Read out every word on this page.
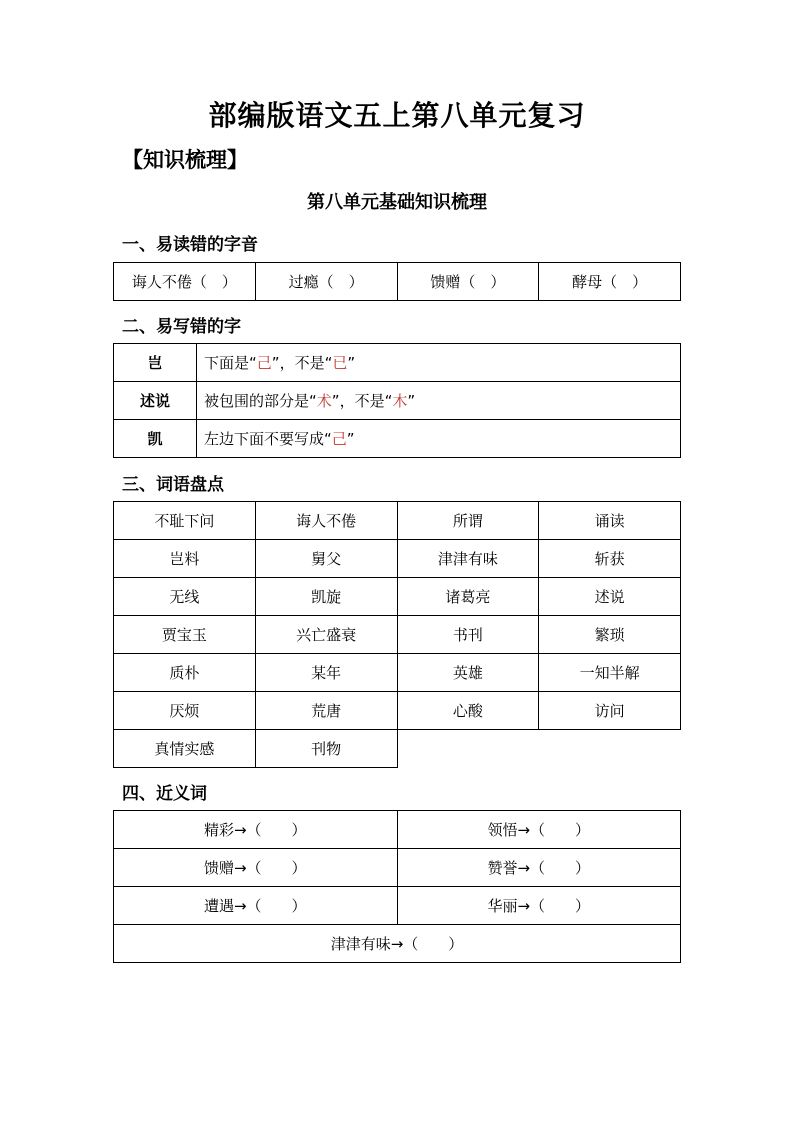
部编版语文五上第八单元复习
【知识梳理】
第八单元基础知识梳理
一、易读错的字音
诲人不倦（　）	过瘾（　）	馈赠（　）	酵母（　）
二、易写错的字
岂	下面是“己”，不是“已”
述说	被包围的部分是“术”，不是“木”
凯	左边下面不要写成“己”
三、词语盘点
不耻下问	诲人不倦	所谓	诵读
岂料	舅父	津津有味	斩获
无线	凯旋	诸葛亮	述说
贾宝玉	兴亡盛衰	书刊	繁琐
质朴	某年	英雄	一知半解
厌烦	荒唐	心酸	访问
真情实感	刊物		
四、近义词
精彩→（　　）	领悟→（　　）
馈赠→（　　）	赞誉→（　　）
遭遇→（　　）	华丽→（　　）
津津有味→（　　）	
